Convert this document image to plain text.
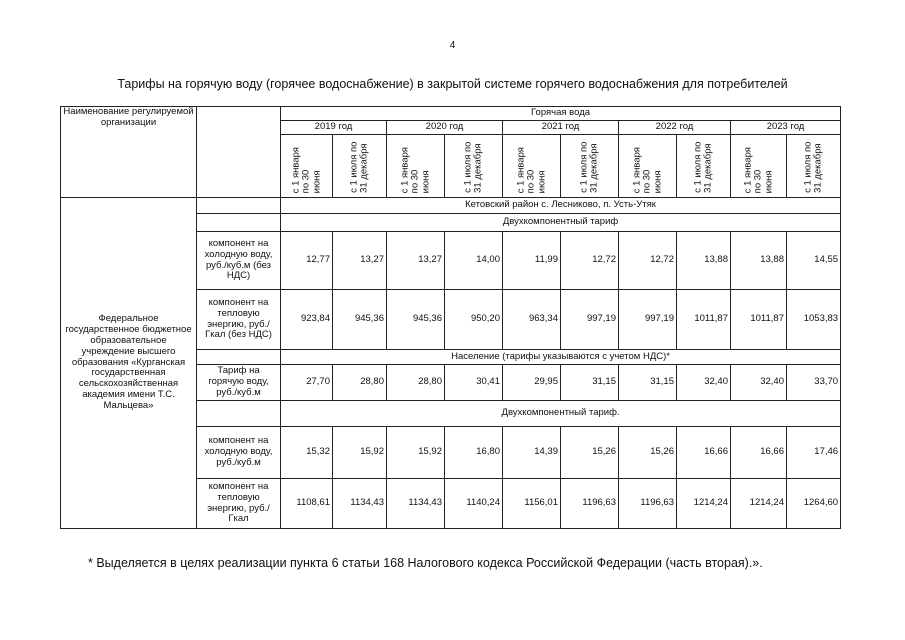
4
Тарифы на горячую воду (горячее водоснабжение) в закрытой системе горячего водоснабжения для потребителей
Наименование регулируемой организации		Горячая вода									
		2019 год		2020 год		2021 год		2022 год		2023 год	

		с 1 января по 30 июня	с 1 июля по 31 декабря	с 1 января по 30 июня	с 1 июля по 31 декабря	с 1 января по 30 июня	с 1 июля по 31 декабря	с 1 января по 30 июня	с 1 июля по 31 декабря	с 1 января по 30 июня	с 1 июля по 31 декабря

Федеральное государственное бюджетное образовательное учреждение высшего образования «Курганская государственная сельскохозяйственная академия имени Т.С. Мальцева»		Кетовский район с. Лесниково, п. Усть-Утяк									
		Двухкомпонентный тариф									
	компонент на холодную воду, руб./куб.м (без НДС)	12,77	13,27	13,27	14,00	11,99	12,72	12,72	13,88	13,88	14,55
	компонент на тепловую энергию, руб./Гкал (без НДС)	923,84	945,36	945,36	950,20	963,34	997,19	997,19	1011,87	1011,87	1053,83
		Население (тарифы указываются с учетом НДС)*									
	Тариф на горячую воду, руб./куб.м	27,70	28,80	28,80	30,41	29,95	31,15	31,15	32,40	32,40	33,70
		Двухкомпонентный тариф.									
	компонент на холодную воду, руб./куб.м	15,32	15,92	15,92	16,80	14,39	15,26	15,26	16,66	16,66	17,46
	компонент на тепловую энергию, руб./Гкал	1108,61	1134,43	1134,43	1140,24	1156,01	1196,63	1196,63	1214,24	1214,24	1264,60
* Выделяется в целях реализации пункта 6 статьи 168 Налогового кодекса Российской Федерации (часть вторая).».
